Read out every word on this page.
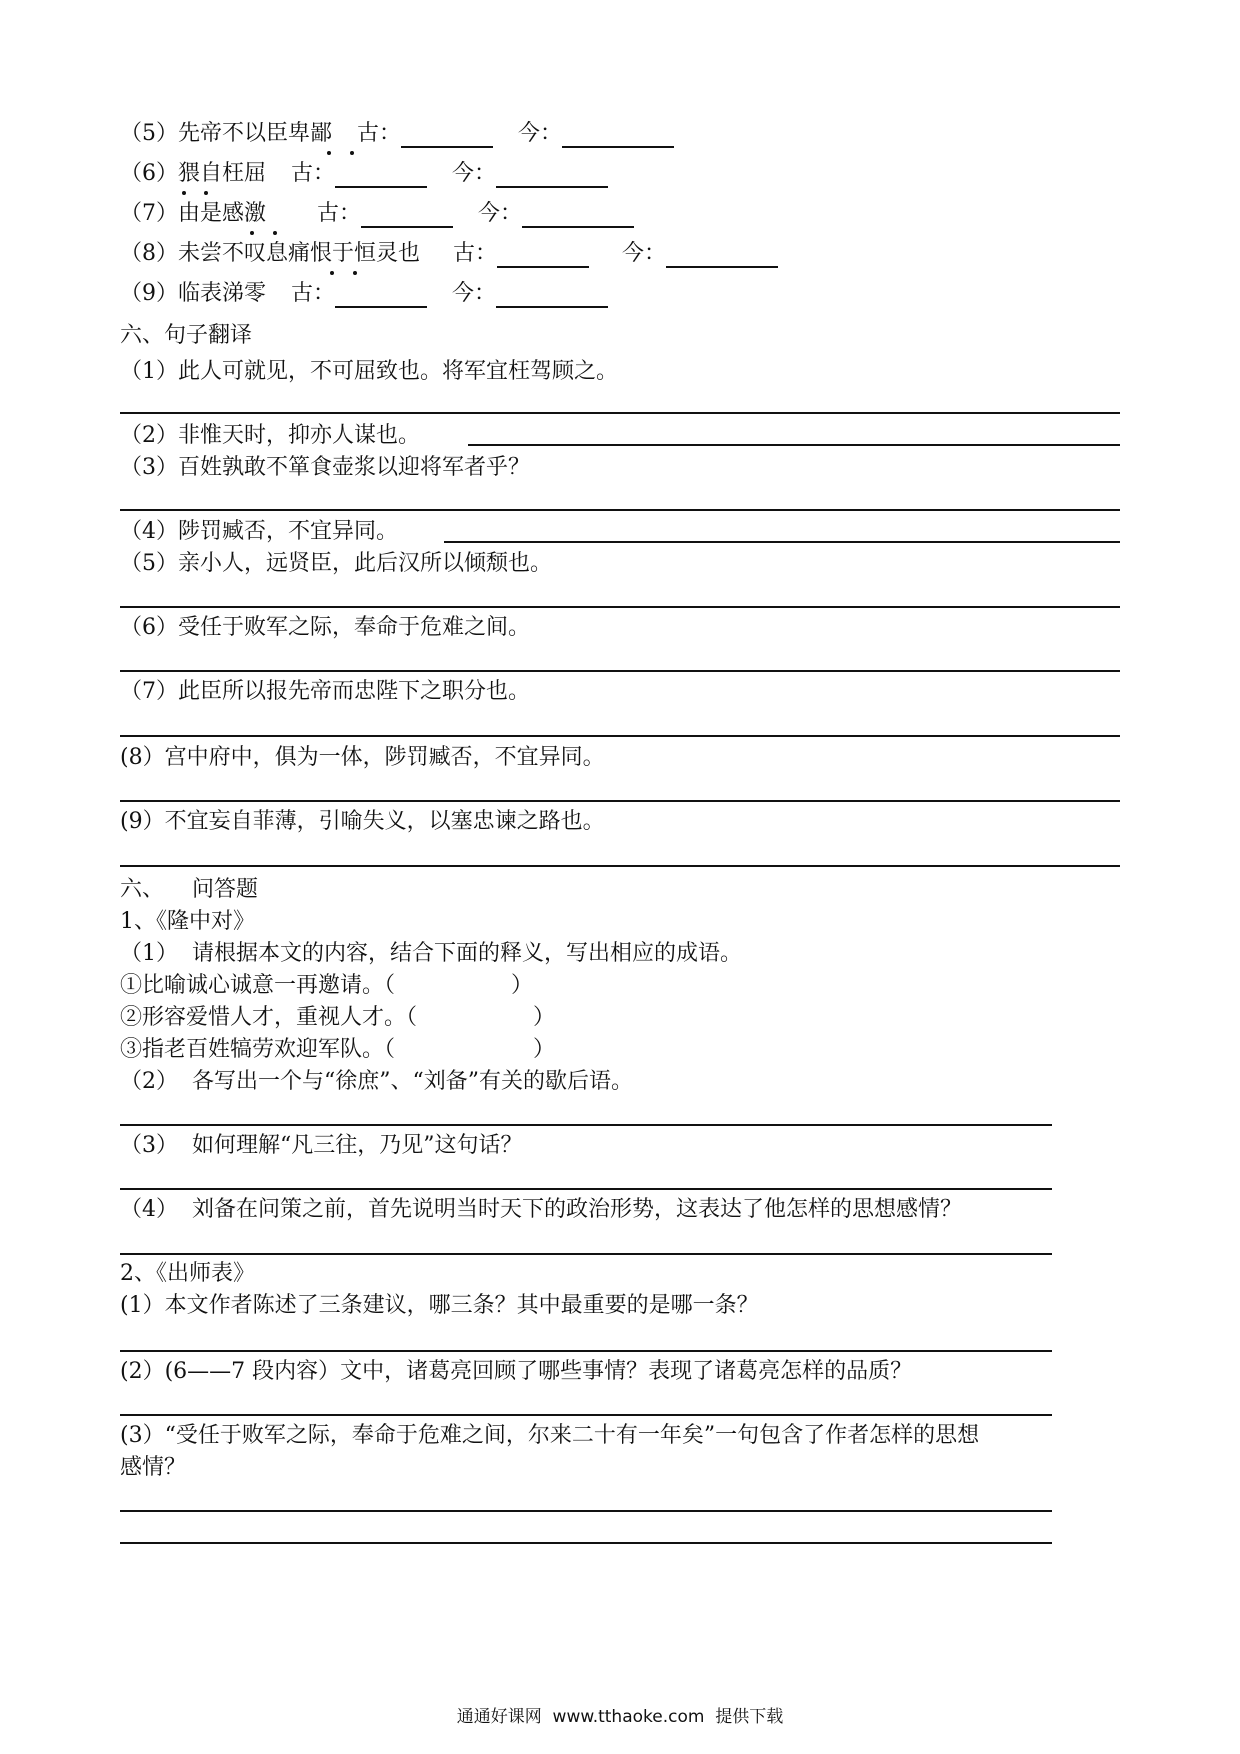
（5）先帝不以臣卑鄙 古：	今：
（6）猥自枉屈 古：	今：
（7）由是感激 古：	今：
（8）未尝不叹息痛恨于恒灵也 古：	今：
（9）临表涕零 古：	今：
六、句子翻译
（1）此人可就见，不可屈致也。将军宜枉驾顾之。
（2）非惟天时，抑亦人谋也。
（3）百姓孰敢不箪食壶浆以迎将军者乎？
（4）陟罚臧否，不宜异同。
（5）亲小人，远贤臣，此后汉所以倾颓也。
（6）受任于败军之际，奉命于危难之间。
（7）此臣所以报先帝而忠陛下之职分也。
(8）宫中府中，俱为一体，陟罚臧否，不宜异同。
(9）不宜妄自菲薄，引喻失义，以塞忠谏之路也。
六、    问答题
1、《隆中对》
（1）  请根据本文的内容，结合下面的释义，写出相应的成语。
①比喻诚心诚意一再邀请。（	）
②形容爱惜人才，重视人才。（	）
③指老百姓犒劳欢迎军队。（	）
（2）  各写出一个与“徐庶”、“刘备”有关的歇后语。
（3）  如何理解“凡三往，乃见”这句话？
（4）  刘备在问策之前，首先说明当时天下的政治形势，这表达了他怎样的思想感情？
2、《出师表》
(1）本文作者陈述了三条建议，哪三条？其中最重要的是哪一条？
(2）(6——7 段内容）文中，诸葛亮回顾了哪些事情？表现了诸葛亮怎样的品质？
(3）“受任于败军之际，奉命于危难之间，尔来二十有一年矣”一句包含了作者怎样的思想
感情？
通通好课网  www.tthaoke.com  提供下载
